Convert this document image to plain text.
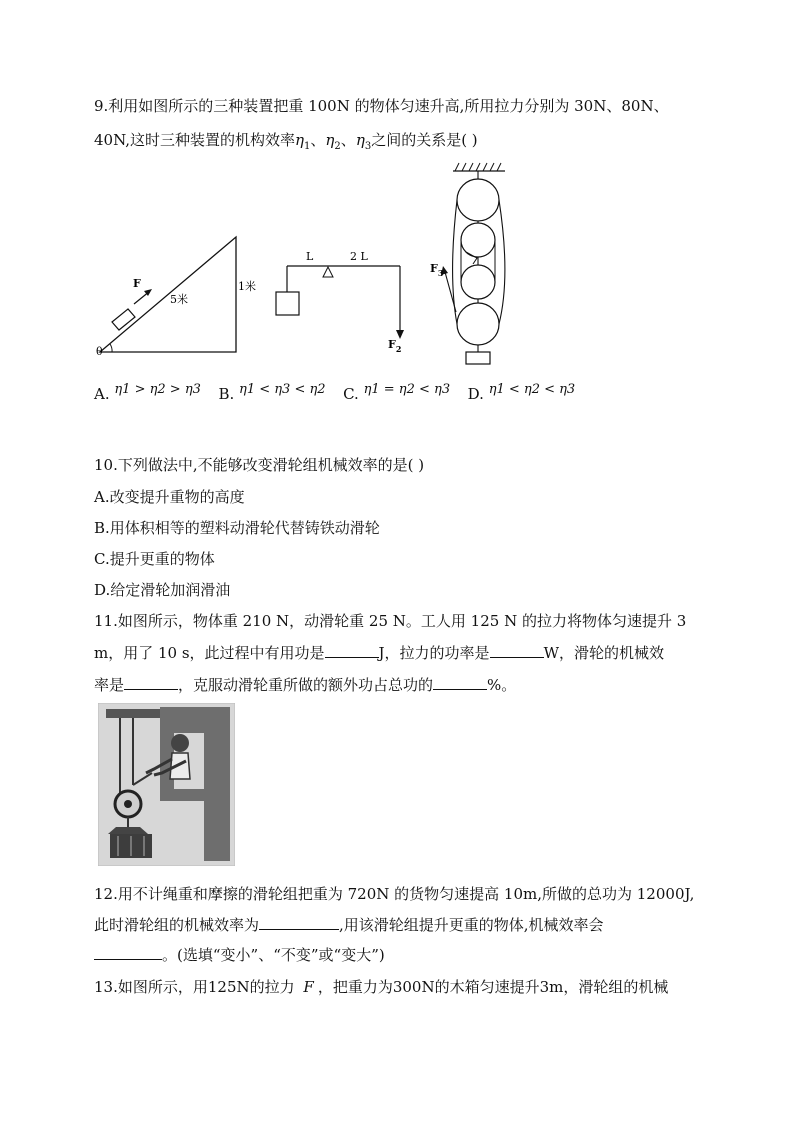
9.利用如图所示的三种装置把重 100N 的物体匀速升高,所用拉力分别为 30N、80N、
40N,这时三种装置的机构效率$\eta_1$、$\eta_2$、$\eta_3$之间的关系是( )
θ
F
5米
1米
L	2 L
$F_2$
$F_3$
A. η1 > η2 > η3 B. η1 < η3 < η2 C. η1 = η2 < η3 D. η1 < η2 < η3
10.下列做法中,不能够改变滑轮组机械效率的是( )
A.改变提升重物的高度
B.用体积相等的塑料动滑轮代替铸铁动滑轮
C.提升更重的物体
D.给定滑轮加润滑油
11.如图所示，物体重 210 N，动滑轮重 25 N。工人用 125 N 的拉力将物体匀速提升 3
m，用了 10 s，此过程中有用功是	J，拉力的功率是	W，滑轮的机械效
率是	，克服动滑轮重所做的额外功占总功的	%。
12.用不计绳重和摩擦的滑轮组把重为 720N 的货物匀速提高 10m,所做的总功为 12000J,
此时滑轮组的机械效率为	,用该滑轮组提升更重的物体,机械效率会
。(选填“变小”、“不变”或“变大”)
13.如图所示，用125N的拉力 F ，把重力为300N的木箱匀速提升3m，滑轮组的机械
